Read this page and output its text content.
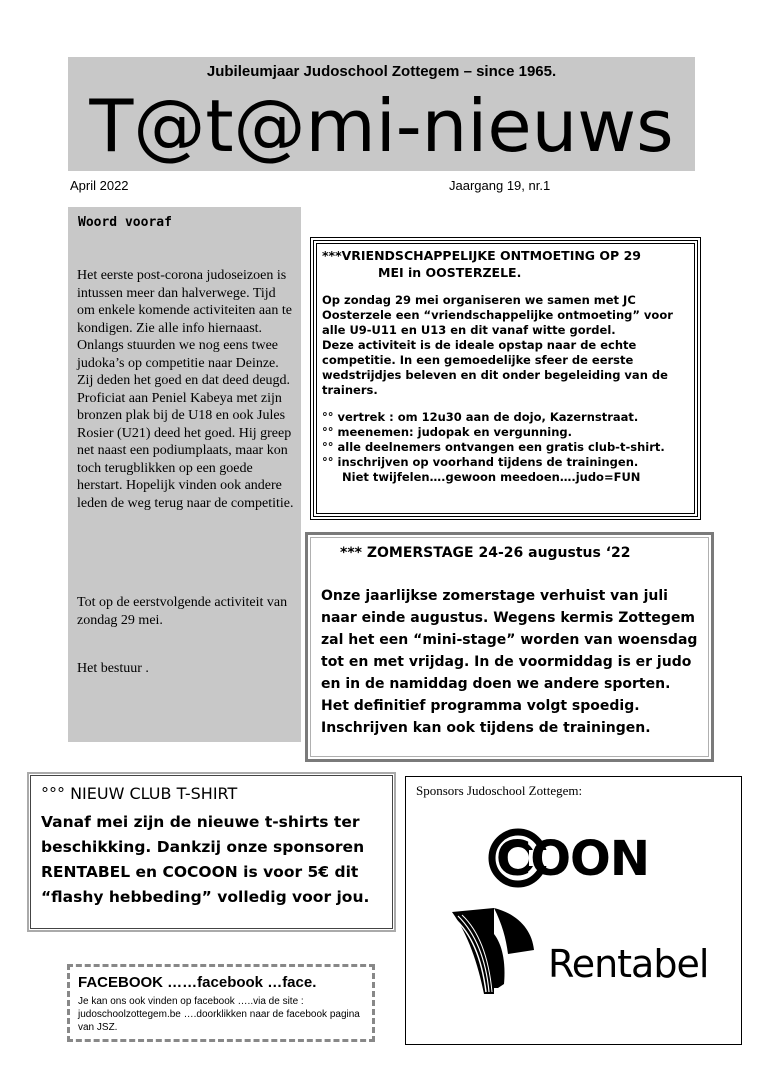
Jubileumjaar Judoschool Zottegem – since 1965.
T@t@mi-nieuws
April 2022	Jaargang 19, nr.1
Woord vooraf
Het eerste post-corona judoseizoen is intussen meer dan halverwege. Tijd om enkele komende activiteiten aan te kondigen. Zie alle info hiernaast. Onlangs stuurden we nog eens twee judoka’s op competitie naar Deinze. Zij deden het goed en dat deed deugd. Proficiat aan Peniel Kabeya met zijn bronzen plak bij de U18 en ook Jules Rosier (U21) deed het goed. Hij greep net naast een podiumplaats, maar kon toch terugblikken op een goede herstart. Hopelijk vinden ook andere leden de weg terug naar de competitie.
Tot op de eerstvolgende activiteit van zondag 29 mei.
Het bestuur .
***VRIENDSCHAPPELIJKE ONTMOETING OP 29
MEI in OOSTERZELE.

Op zondag 29 mei organiseren we samen met JC Oosterzele een “vriendschappelijke ontmoeting” voor alle U9-U11 en U13 en dit vanaf witte gordel.

Deze activiteit is de ideale opstap naar de echte competitie. In een gemoedelijke sfeer de eerste wedstrijdjes beleven en dit onder begeleiding van de trainers.

°° vertrek : om 12u30 aan de dojo, Kazernstraat.
°° meenemen: judopak en vergunning.
°° alle deelnemers ontvangen een gratis club-t-shirt.
°° inschrijven op voorhand tijdens de trainingen.
Niet twijfelen….gewoon meedoen….judo=FUN
*** ZOMERSTAGE 24-26 augustus ‘22
Onze jaarlijkse zomerstage verhuist van juli naar einde augustus. Wegens kermis Zottegem zal het een “mini-stage” worden van woensdag tot en met vrijdag. In de voormiddag is er judo en in de namiddag doen we andere sporten.
Het definitief programma volgt spoedig.
Inschrijven kan ook tijdens de trainingen.
°°° NIEUW CLUB T-SHIRT
Vanaf mei zijn de nieuwe t-shirts ter beschikking. Dankzij onze sponsoren RENTABEL en COCOON is voor 5€ dit “flashy hebbeding” volledig voor jou.
FACEBOOK ……facebook …face.
Je kan ons ook vinden op facebook …..via de site : judoschoolzottegem.be ….doorklikken naar de facebook pagina van JSZ.
Sponsors Judoschool Zottegem:
COON
Rentabel
